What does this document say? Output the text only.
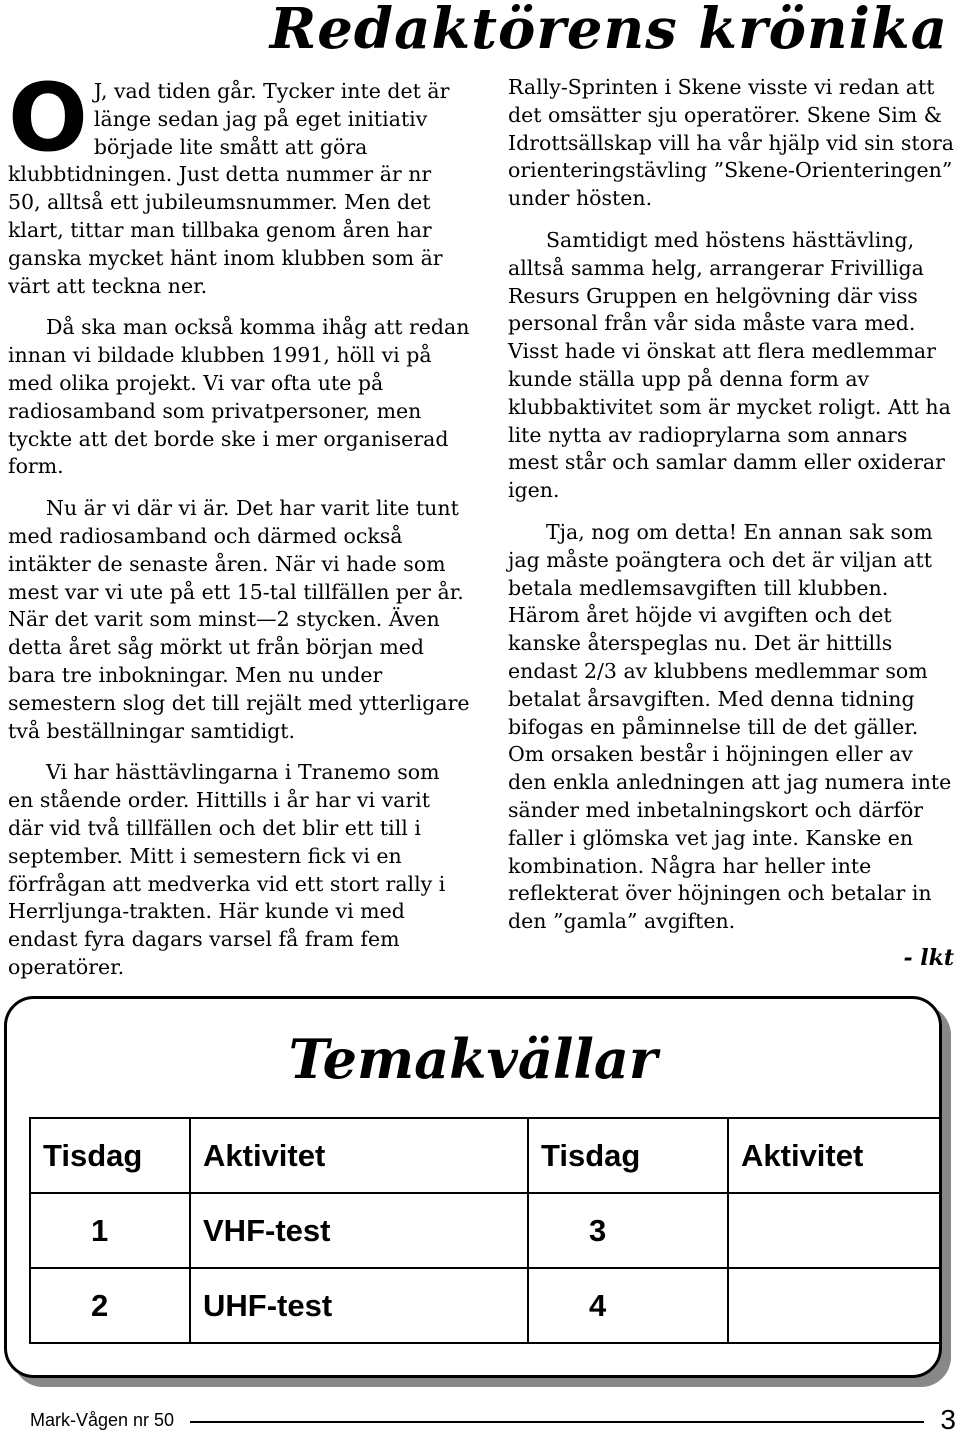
Redaktörens krönika

O J, vad tiden går. Tycker inte det är länge sedan jag på eget initiativ började lite smått att göra klubbtidningen. Just detta nummer är nr 50, alltså ett jubileumsnummer. Men det klart, tittar man tillbaka genom åren har ganska mycket hänt inom klubben som är värt att teckna ner.

Då ska man också komma ihåg att redan innan vi bildade klubben 1991, höll vi på med olika projekt. Vi var ofta ute på radiosamband som privatpersoner, men tyckte att det borde ske i mer organiserad form.

Nu är vi där vi är. Det har varit lite tunt med radiosamband och därmed också intäkter de senaste åren. När vi hade som mest var vi ute på ett 15-tal tillfällen per år. När det varit som minst—2 stycken. Även detta året såg mörkt ut från början med bara tre inbokningar. Men nu under semestern slog det till rejält med ytterligare två beställningar samtidigt.

Vi har hästtävlingarna i Tranemo som en stående order. Hittills i år har vi varit där vid två tillfällen och det blir ett till i september. Mitt i semestern fick vi en förfrågan att medverka vid ett stort rally i Herrljunga-trakten. Här kunde vi med endast fyra dagars varsel få fram fem operatörer.

Rally-Sprinten i Skene visste vi redan att det omsätter sju operatörer. Skene Sim & Idrottsällskap vill ha vår hjälp vid sin stora orienteringstävling ”Skene-Orienteringen” under hösten.

Samtidigt med höstens hästtävling, alltså samma helg, arrangerar Frivilliga Resurs Gruppen en helgövning där viss personal från vår sida måste vara med. Visst hade vi önskat att flera medlemmar kunde ställa upp på denna form av klubbaktivitet som är mycket roligt. Att ha lite nytta av radioprylarna som annars mest står och samlar damm eller oxiderar igen.

Tja, nog om detta! En annan sak som jag måste poängtera och det är viljan att betala medlemsavgiften till klubben. Härom året höjde vi avgiften och det kanske återspeglas nu. Det är hittills endast 2/3 av klubbens medlemmar som betalat årsavgiften. Med denna tidning bifogas en påminnelse till de det gäller. Om orsaken består i höjningen eller av den enkla anledningen att jag numera inte sänder med inbetalningskort och därför faller i glömska vet jag inte. Kanske en kombination. Några har heller inte reflekterat över höjningen och betalar in den ”gamla” avgiften.

- lkt
Temakvällar
Tisdag	Aktivitet	Tisdag	Aktivitet
1	VHF-test	3	
2	UHF-test	4	
Mark-Vågen nr 50	3
